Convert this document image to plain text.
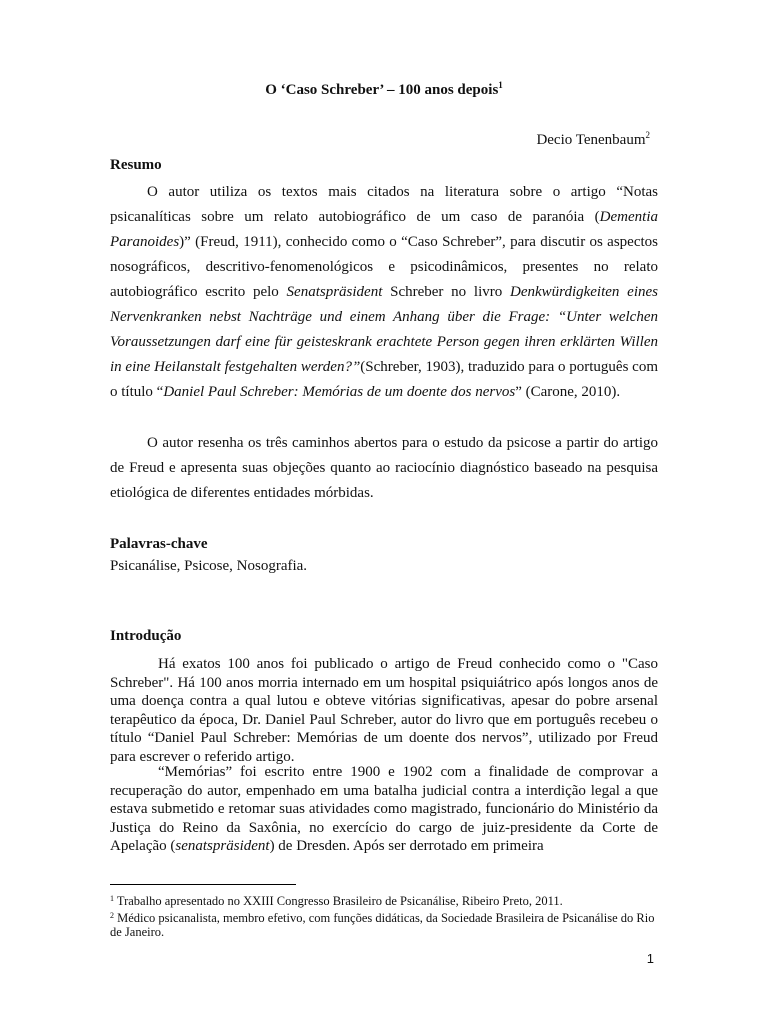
O ‘Caso Schreber’ – 100 anos depois$^1$

Decio Tenenbaum$^2$

Resumo

O autor utiliza os textos mais citados na literatura sobre o artigo “Notas psicanalíticas sobre um relato autobiográfico de um caso de paranóia (Dementia Paranoides)” (Freud, 1911), conhecido como o “Caso Schreber”, para discutir os aspectos nosográficos, descritivo-fenomenológicos e psicodinâmicos, presentes no relato autobiográfico escrito pelo Senatspräsident Schreber no livro Denkwürdigkeiten eines Nervenkranken nebst Nachträge und einem Anhang über die Frage: “Unter welchen Voraussetzungen darf eine für geisteskrank erachtete Person gegen ihren erklärten Willen in eine Heilanstalt festgehalten werden?”(Schreber, 1903), traduzido para o português com o título “Daniel Paul Schreber: Memórias de um doente dos nervos” (Carone, 2010).

O autor resenha os três caminhos abertos para o estudo da psicose a partir do artigo de Freud e apresenta suas objeções quanto ao raciocínio diagnóstico baseado na pesquisa etiológica de diferentes entidades mórbidas.

Palavras-chave

Psicanálise, Psicose, Nosografia.

Introdução

Há exatos 100 anos foi publicado o artigo de Freud conhecido como o "Caso Schreber". Há 100 anos morria internado em um hospital psiquiátrico após longos anos de uma doença contra a qual lutou e obteve vitórias significativas, apesar do pobre arsenal terapêutico da época, Dr. Daniel Paul Schreber, autor do livro que em português recebeu o título “Daniel Paul Schreber: Memórias de um doente dos nervos”, utilizado por Freud para escrever o referido artigo.

“Memórias” foi escrito entre 1900 e 1902 com a finalidade de comprovar a recuperação do autor, empenhado em uma batalha judicial contra a interdição legal a que estava submetido e retomar suas atividades como magistrado, funcionário do Ministério da Justiça do Reino da Saxônia, no exercício do cargo de juiz-presidente da Corte de Apelação (senatspräsident) de Dresden. Após ser derrotado em primeira

$^1$ Trabalho apresentado no XXIII Congresso Brasileiro de Psicanálise, Ribeiro Preto, 2011.

$^2$ Médico psicanalista, membro efetivo, com funções didáticas, da Sociedade Brasileira de Psicanálise do Rio de Janeiro.

1
